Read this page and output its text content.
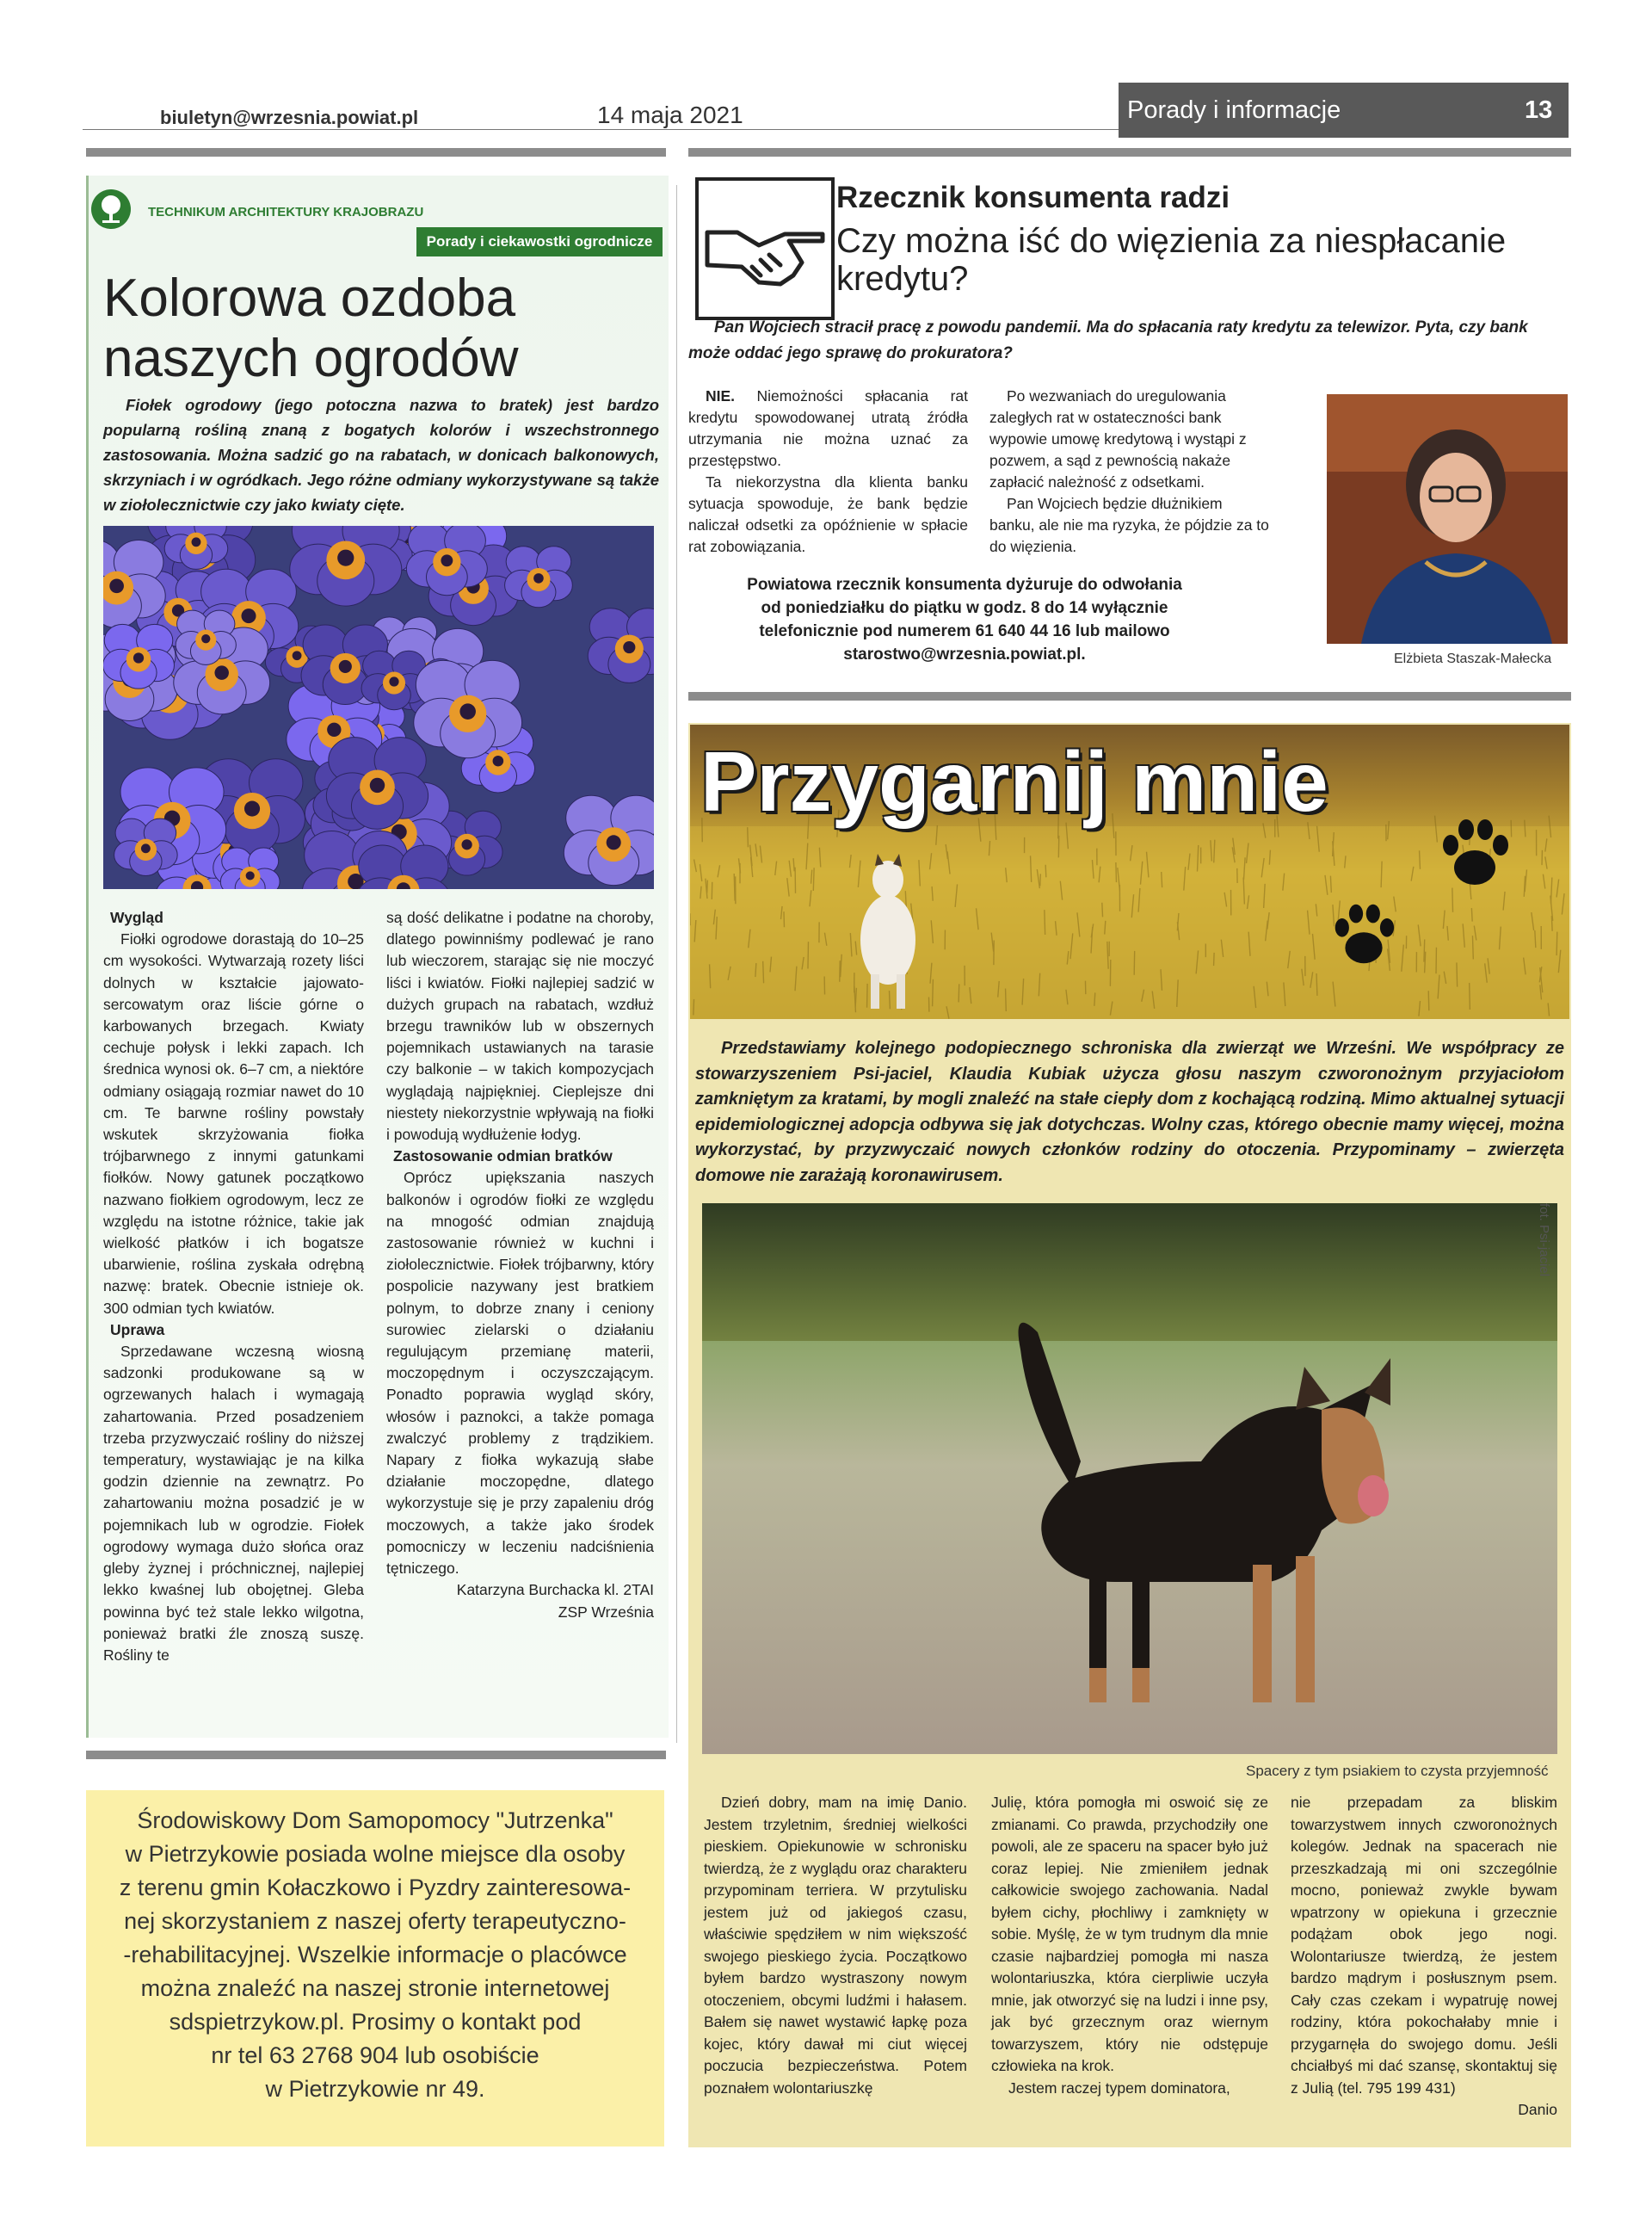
biuletyn@wrzesnia.powiat.pl	14 maja 2021	Porady i informacje	13
TECHNIKUM ARCHITEKTURY KRAJOBRAZU
Porady i ciekawostki ogrodnicze
Kolorowa ozdoba naszych ogrodów
Fiołek ogrodowy (jego potoczna nazwa to bratek) jest bardzo popularną rośliną znaną z bogatych kolorów i wszechstronnego zastosowania. Można sadzić go na rabatach, w donicach balkonowych, skrzyniach i w ogródkach. Jego różne odmiany wykorzystywane są także w ziołolecznictwie czy jako kwiaty cięte.

Wygląd

Fiołki ogrodowe dorastają do 10–25 cm wysokości. Wytwarzają rozety liści dolnych w kształcie jajowato-sercowatym oraz liście górne o karbowanych brzegach. Kwiaty cechuje połysk i lekki zapach. Ich średnica wynosi ok. 6–7 cm, a niektóre odmiany osiągają rozmiar nawet do 10 cm. Te barwne rośliny powstały wskutek skrzyżowania fiołka trójbarwnego z innymi gatunkami fiołków. Nowy gatunek początkowo nazwano fiołkiem ogrodowym, lecz ze względu na istotne różnice, takie jak wielkość płatków i ich bogatsze ubarwienie, roślina zyskała odrębną nazwę: bratek. Obecnie istnieje ok. 300 odmian tych kwiatów.

Uprawa

Sprzedawane wczesną wiosną sadzonki produkowane są w ogrzewanych halach i wymagają zahartowania. Przed posadzeniem trzeba przyzwyczaić rośliny do niższej temperatury, wystawiając je na kilka godzin dziennie na zewnątrz. Po zahartowaniu można posadzić je w pojemnikach lub w ogrodzie. Fiołek ogrodowy wymaga dużo słońca oraz gleby żyznej i próchnicznej, najlepiej lekko kwaśnej lub obojętnej. Gleba powinna być też stale lekko wilgotna, ponieważ bratki źle znoszą suszę. Rośliny te

są dość delikatne i podatne na choroby, dlatego powinniśmy podlewać je rano lub wieczorem, starając się nie moczyć liści i kwiatów. Fiołki najlepiej sadzić w dużych grupach na rabatach, wzdłuż brzegu trawników lub w obszernych pojemnikach ustawianych na tarasie czy balkonie – w takich kompozycjach wyglądają najpiękniej. Cieplejsze dni niestety niekorzystnie wpływają na fiołki i powodują wydłużenie łodyg.

Zastosowanie odmian bratków

Oprócz upiększania naszych balkonów i ogrodów fiołki ze względu na mnogość odmian znajdują zastosowanie również w kuchni i ziołolecznictwie. Fiołek trójbarwny, który pospolicie nazywany jest bratkiem polnym, to dobrze znany i ceniony surowiec zielarski o działaniu regulującym przemianę materii, moczopędnym i oczyszczającym. Ponadto poprawia wygląd skóry, włosów i paznokci, a także pomaga zwalczyć problemy z trądzikiem. Napary z fiołka wykazują słabe działanie moczopędne, dlatego wykorzystuje się je przy zapaleniu dróg moczowych, a także jako środek pomocniczy w leczeniu nadciśnienia tętniczego.

Katarzyna Burchacka kl. 2TAI

ZSP Września

Środowiskowy Dom Samopomocy "Jutrzenka"
w Pietrzykowie posiada wolne miejsce dla osoby
z terenu gmin Kołaczkowo i Pyzdry zainteresowa-
nej skorzystaniem z naszej oferty terapeutyczno-
-rehabilitacyjnej. Wszelkie informacje o placówce
można znaleźć na naszej stronie internetowej
sdspietrzykow.pl. Prosimy o kontakt pod
nr tel 63 2768 904 lub osobiście
w Pietrzykowie nr 49.
Rzecznik konsumenta radzi
Czy można iść do więzienia za niespłacanie kredytu?
Pan Wojciech stracił pracę z powodu pandemii. Ma do spłacania raty kredytu za telewizor. Pyta, czy bank może oddać jego sprawę do prokuratora?

NIE. Niemożności spłacania rat kredytu spowodowanej utratą źródła utrzymania nie można uznać za przestępstwo.

Ta niekorzystna dla klienta banku sytuacja spowoduje, że bank będzie naliczał odsetki za opóźnienie w spłacie rat zobowiązania.

Po wezwaniach do uregulowania zaległych rat w ostateczności bank wypowie umowę kredytową i wystąpi z pozwem, a sąd z pewnością nakaże zapłacić należność z odsetkami.

Pan Wojciech będzie dłużnikiem banku, ale nie ma ryzyka, że pójdzie za to do więzienia.

Powiatowa rzecznik konsumenta dyżuruje do odwołania
od poniedziałku do piątku w godz. 8 do 14 wyłącznie
telefonicznie pod numerem 61 640 44 16 lub mailowo
starostwo@wrzesnia.powiat.pl.	Elżbieta Staszak-Małecka
Przygarnij mnie
Przedstawiamy kolejnego podopiecznego schroniska dla zwierząt we Wrześni. We współpracy ze stowarzyszeniem Psi-jaciel, Klaudia Kubiak użycza głosu naszym czworonożnym przyjaciołom zamkniętym za kratami, by mogli znaleźć na stałe ciepły dom z kochającą rodziną. Mimo aktualnej sytuacji epidemiologicznej adopcja odbywa się jak dotychczas. Wolny czas, którego obecnie mamy więcej, można wykorzystać, by przyzwyczaić nowych członków rodziny do otoczenia. Przypominamy – zwierzęta domowe nie zarażają koronawirusem.
fot. Psi-jaciel
Spacery z tym psiakiem to czysta przyjemność

Dzień dobry, mam na imię Danio. Jestem trzyletnim, średniej wielkości pieskiem. Opiekunowie w schronisku twierdzą, że z wyglądu oraz charakteru przypominam terriera. W przytulisku jestem już od jakiegoś czasu, właściwie spędziłem w nim większość swojego pieskiego życia. Początkowo byłem bardzo wystraszony nowym otoczeniem, obcymi ludźmi i hałasem. Bałem się nawet wystawić łapkę poza kojec, który dawał mi ciut więcej poczucia bezpieczeństwa. Potem poznałem wolontariuszkę

Julię, która pomogła mi oswoić się ze zmianami. Co prawda, przychodziły one powoli, ale ze spaceru na spacer było już coraz lepiej. Nie zmieniłem jednak całkowicie swojego zachowania. Nadal byłem cichy, płochliwy i zamknięty w sobie. Myślę, że w tym trudnym dla mnie czasie najbardziej pomogła mi nasza wolontariuszka, która cierpliwie uczyła mnie, jak otworzyć się na ludzi i inne psy, jak być grzecznym oraz wiernym towarzyszem, który nie odstępuje człowieka na krok.

Jestem raczej typem dominatora,

nie przepadam za bliskim towarzystwem innych czworonożnych kolegów. Jednak na spacerach nie przeszkadzają mi oni szczególnie mocno, ponieważ zwykle bywam wpatrzony w opiekuna i grzecznie podążam obok jego nogi. Wolontariusze twierdzą, że jestem bardzo mądrym i posłusznym psem. Cały czas czekam i wypatruję nowej rodziny, która pokochałaby mnie i przygarnęła do swojego domu. Jeśli chciałbyś mi dać szansę, skontaktuj się z Julią (tel. 795 199 431)

Danio
